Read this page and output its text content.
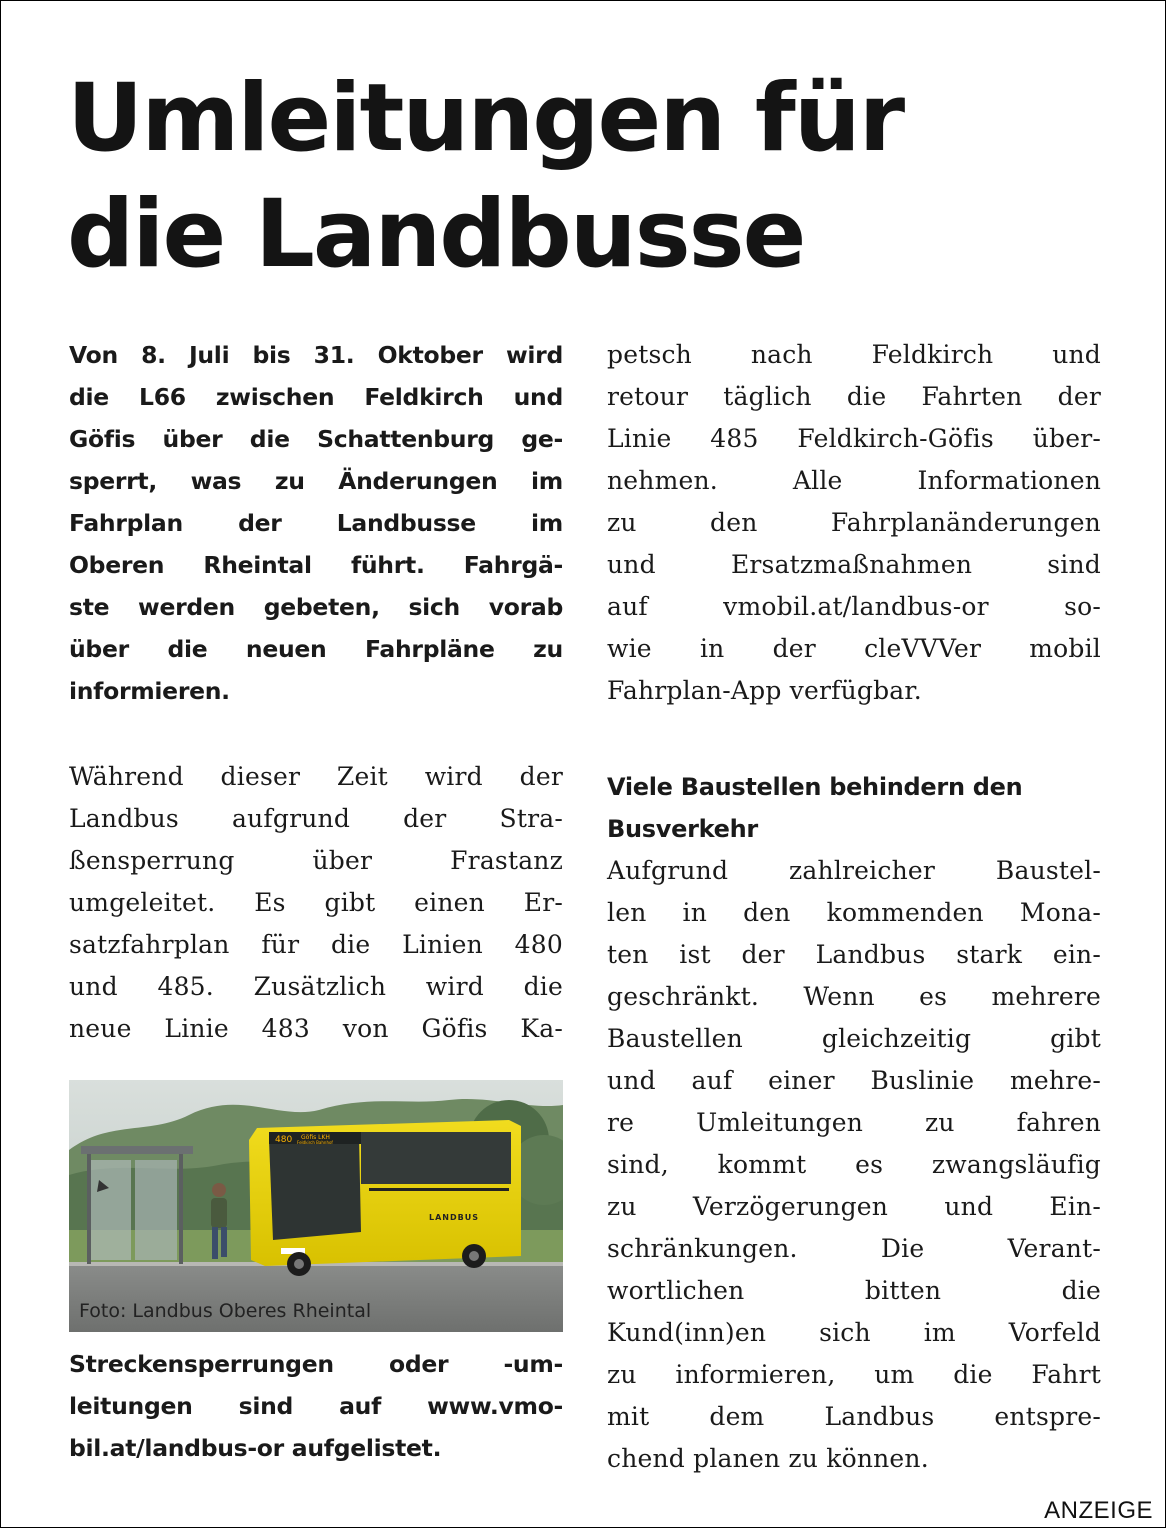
Umleitungen für
die Landbusse
Von 8. Juli bis 31. Oktober wird
die L66 zwischen Feldkirch und
Göfis über die Schattenburg ge-
sperrt, was zu Änderungen im
Fahrplan der Landbusse im
Oberen Rheintal führt. Fahrgä-
ste werden gebeten, sich vorab
über die neuen Fahrpläne zu
informieren.
Während dieser Zeit wird der
Landbus aufgrund der Stra-
ßensperrung über Frastanz
umgeleitet. Es gibt einen Er-
satzfahrplan für die Linien 480
und 485. Zusätzlich wird die
neue Linie 483 von Göfis Ka-
480 Göfis LKH
Feldkirch Bahnhof
LANDBUS
Foto: Landbus Oberes Rheintal
Streckensperrungen oder -um-
leitungen sind auf www.vmo-
bil.at/landbus-or aufgelistet.
petsch nach Feldkirch und
retour täglich die Fahrten der
Linie 485 Feldkirch-Göfis über-
nehmen. Alle Informationen
zu den Fahrplanänderungen
und Ersatzmaßnahmen sind
auf vmobil.at/landbus-or so-
wie in der cleVVVer mobil
Fahrplan-App verfügbar.
Viele Baustellen behindern den
Busverkehr
Aufgrund zahlreicher Baustel-
len in den kommenden Mona-
ten ist der Landbus stark ein-
geschränkt. Wenn es mehrere
Baustellen gleichzeitig gibt
und auf einer Buslinie mehre-
re Umleitungen zu fahren
sind, kommt es zwangsläufig
zu Verzögerungen und Ein-
schränkungen. Die Verant-
wortlichen bitten die
Kund(inn)en sich im Vorfeld
zu informieren, um die Fahrt
mit dem Landbus entspre-
chend planen zu können.
ANZEIGE
